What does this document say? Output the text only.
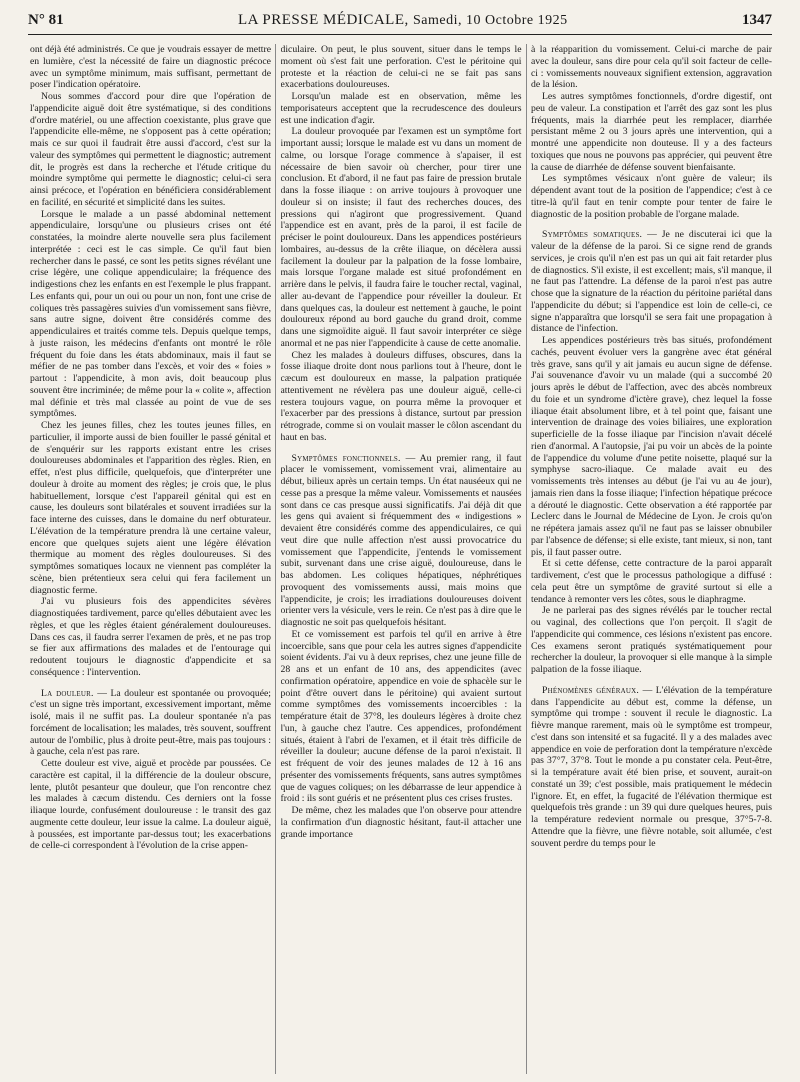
N° 81	LA PRESSE MÉDICALE, Samedi, 10 Octobre 1925	1347

ont déjà été administrés. Ce que je voudrais essayer de mettre en lumière, c'est la nécessité de faire un diagnostic précoce avec un symptôme minimum, mais suffisant, permettant de poser l'indication opératoire.

Nous sommes d'accord pour dire que l'opération de l'appendicite aiguë doit être systématique, si des conditions d'ordre matériel, ou une affection coexistante, plus grave que l'appendicite elle-même, ne s'opposent pas à cette opération; mais ce sur quoi il faudrait être aussi d'accord, c'est sur la valeur des symptômes qui permettent le diagnostic; autrement dit, le progrès est dans la recherche et l'étude critique du moindre symptôme qui permette le diagnostic; celui-ci sera ainsi précoce, et l'opération en bénéficiera considérablement en facilité, en sécurité et simplicité dans les suites.

Lorsque le malade a un passé abdominal nettement appendiculaire, lorsqu'une ou plusieurs crises ont été constatées, la moindre alerte nouvelle sera plus facilement interprétée : ceci est le cas simple. Ce qu'il faut bien rechercher dans le passé, ce sont les petits signes révélant une crise légère, une colique appendiculaire; la fréquence des indigestions chez les enfants en est l'exemple le plus frappant. Les enfants qui, pour un oui ou pour un non, font une crise de coliques très passagères suivies d'un vomissement sans fièvre, sans autre signe, doivent être considérés comme des appendiculaires et traités comme tels. Depuis quelque temps, à juste raison, les médecins d'enfants ont montré le rôle fréquent du foie dans les états abdominaux, mais il faut se méfier de ne pas tomber dans l'excès, et voir des « foies » partout : l'appendicite, à mon avis, doit beaucoup plus souvent être incriminée; de même pour la « colite », affection mal définie et très mal classée au point de vue de ses symptômes.

Chez les jeunes filles, chez les toutes jeunes filles, en particulier, il importe aussi de bien fouiller le passé génital et de s'enquérir sur les rapports existant entre les crises douloureuses abdominales et l'apparition des règles. Rien, en effet, n'est plus difficile, quelquefois, que d'interpréter une douleur à droite au moment des règles; je crois que, le plus habituellement, lorsque c'est l'appareil génital qui est en cause, les douleurs sont bilatérales et souvent irradiées sur la face interne des cuisses, dans le domaine du nerf obturateur. L'élévation de la température prendra là une certaine valeur, encore que quelques sujets aient une légère élévation thermique au moment des règles douloureuses. Si des symptômes somatiques locaux ne viennent pas compléter la scène, bien prétentieux sera celui qui fera facilement un diagnostic ferme.

J'ai vu plusieurs fois des appendicites sévères diagnostiquées tardivement, parce qu'elles débutaient avec les règles, et que les règles étaient généralement douloureuses. Dans ces cas, il faudra serrer l'examen de près, et ne pas trop se fier aux affirmations des malades et de l'entourage qui redoutent toujours le diagnostic d'appendicite et sa conséquence : l'intervention.

La douleur. — La douleur est spontanée ou provoquée; c'est un signe très important, excessivement important, même isolé, mais il ne suffit pas. La douleur spontanée n'a pas forcément de localisation; les malades, très souvent, souffrent autour de l'ombilic, plus à droite peut-être, mais pas toujours : à gauche, cela n'est pas rare.

Cette douleur est vive, aiguë et procède par poussées. Ce caractère est capital, il la différencie de la douleur obscure, lente, plutôt pesanteur que douleur, que l'on rencontre chez les malades à cæcum distendu. Ces derniers ont la fosse iliaque lourde, confusément douloureuse : le transit des gaz augmente cette douleur, leur issue la calme. La douleur aiguë, à poussées, est importante par-dessus tout; les exacerbations de celle-ci correspondent à l'évolution de la crise appen-

diculaire. On peut, le plus souvent, situer dans le temps le moment où s'est fait une perforation. C'est le péritoine qui proteste et la réaction de celui-ci ne se fait pas sans exacerbations douloureuses.

Lorsqu'un malade est en observation, même les temporisateurs acceptent que la recrudescence des douleurs est une indication d'agir.

La douleur provoquée par l'examen est un symptôme fort important aussi; lorsque le malade est vu dans un moment de calme, ou lorsque l'orage commence à s'apaiser, il est nécessaire de bien savoir où chercher, pour tirer une conclusion. Et d'abord, il ne faut pas faire de pression brutale dans la fosse iliaque : on arrive toujours à provoquer une douleur si on insiste; il faut des recherches douces, des pressions qui n'agiront que progressivement. Quand l'appendice est en avant, près de la paroi, il est facile de préciser le point douloureux. Dans les appendices postérieurs lombaires, au-dessus de la crête iliaque, on décèlera aussi facilement la douleur par la palpation de la fosse lombaire, mais lorsque l'organe malade est situé profondément en arrière dans le pelvis, il faudra faire le toucher rectal, vaginal, aller au-devant de l'appendice pour réveiller la douleur. Et dans quelques cas, la douleur est nettement à gauche, le point douloureux répond au bord gauche du grand droit, comme dans une sigmoïdite aiguë. Il faut savoir interpréter ce siège anormal et ne pas nier l'appendicite à cause de cette anomalie.

Chez les malades à douleurs diffuses, obscures, dans la fosse iliaque droite dont nous parlions tout à l'heure, dont le cæcum est douloureux en masse, la palpation pratiquée attentivement ne révèlera pas une douleur aiguë, celle-ci restera toujours vague, on pourra même la provoquer et l'exacerber par des pressions à distance, surtout par pression rétrograde, comme si on voulait masser le côlon ascendant du haut en bas.

Symptômes fonctionnels. — Au premier rang, il faut placer le vomissement, vomissement vrai, alimentaire au début, bilieux après un certain temps. Un état nauséeux qui ne cesse pas a presque la même valeur. Vomissements et nausées sont dans ce cas presque aussi significatifs. J'ai déjà dit que les gens qui avaient si fréquemment des « indigestions » devaient être considérés comme des appendiculaires, ce qui veut dire que nulle affection n'est aussi provocatrice du vomissement que l'appendicite, j'entends le vomissement subit, survenant dans une crise aiguë, douloureuse, dans le bas abdomen. Les coliques hépatiques, néphrétiques provoquent des vomissements aussi, mais moins que l'appendicite, je crois; les irradiations douloureuses doivent orienter vers la vésicule, vers le rein. Ce n'est pas à dire que le diagnostic ne soit pas quelquefois hésitant.

Et ce vomissement est parfois tel qu'il en arrive à être incoercible, sans que pour cela les autres signes d'appendicite soient évidents. J'ai vu à deux reprises, chez une jeune fille de 28 ans et un enfant de 10 ans, des appendicites (avec confirmation opératoire, appendice en voie de sphacèle sur le point d'être ouvert dans le péritoine) qui avaient surtout comme symptômes des vomissements incoercibles : la température était de 37°8, les douleurs légères à droite chez l'un, à gauche chez l'autre. Ces appendices, profondément situés, étaient à l'abri de l'examen, et il était très difficile de réveiller la douleur; aucune défense de la paroi n'existait. Il est fréquent de voir des jeunes malades de 12 à 16 ans présenter des vomissements fréquents, sans autres symptômes que de vagues coliques; on les débarrasse de leur appendice à froid : ils sont guéris et ne présentent plus ces crises frustes.

De même, chez les malades que l'on observe pour attendre la confirmation d'un diagnostic hésitant, faut-il attacher une grande importance

à la réapparition du vomissement. Celui-ci marche de pair avec la douleur, sans dire pour cela qu'il soit facteur de celle-ci : vomissements nouveaux signifient extension, aggravation de la lésion.

Les autres symptômes fonctionnels, d'ordre digestif, ont peu de valeur. La constipation et l'arrêt des gaz sont les plus fréquents, mais la diarrhée peut les remplacer, diarrhée persistant même 2 ou 3 jours après une intervention, qui a montré une appendicite non douteuse. Il y a des facteurs toxiques que nous ne pouvons pas apprécier, qui peuvent être la cause de diarrhée de défense souvent bienfaisante.

Les symptômes vésicaux n'ont guère de valeur; ils dépendent avant tout de la position de l'appendice; c'est à ce titre-là qu'il faut en tenir compte pour tenter de faire le diagnostic de la position probable de l'organe malade.

Symptômes somatiques. — Je ne discuterai ici que la valeur de la défense de la paroi. Si ce signe rend de grands services, je crois qu'il n'en est pas un qui ait fait retarder plus de diagnostics. S'il existe, il est excellent; mais, s'il manque, il ne faut pas l'attendre. La défense de la paroi n'est pas autre chose que la signature de la réaction du péritoine pariétal dans l'appendicite du début; si l'appendice est loin de celle-ci, ce signe n'apparaîtra que lorsqu'il se sera fait une propagation à distance de l'infection.

Les appendices postérieurs très bas situés, profondément cachés, peuvent évoluer vers la gangrène avec état général très grave, sans qu'il y ait jamais eu aucun signe de défense. J'ai souvenance d'avoir vu un malade (qui a succombé 20 jours après le début de l'affection, avec des abcès nombreux du foie et un syndrome d'ictère grave), chez lequel la fosse iliaque était absolument libre, et à tel point que, faisant une intervention de drainage des voies biliaires, une exploration superficielle de la fosse iliaque par l'incision n'avait décelé rien d'anormal. A l'autopsie, j'ai pu voir un abcès de la pointe de l'appendice du volume d'une petite noisette, plaqué sur la symphyse sacro-iliaque. Ce malade avait eu des vomissements très intenses au début (je l'ai vu au 4e jour), jamais rien dans la fosse iliaque; l'infection hépatique précoce a dérouté le diagnostic. Cette observation a été rapportée par Leclerc dans le Journal de Médecine de Lyon. Je crois qu'on ne répétera jamais assez qu'il ne faut pas se laisser obnubiler par l'absence de défense; si elle existe, tant mieux, si non, tant pis, il faut passer outre.

Et si cette défense, cette contracture de la paroi apparaît tardivement, c'est que le processus pathologique a diffusé : cela peut être un symptôme de gravité surtout si elle a tendance à remonter vers les côtes, sous le diaphragme.

Je ne parlerai pas des signes révélés par le toucher rectal ou vaginal, des collections que l'on perçoit. Il s'agit de l'appendicite qui commence, ces lésions n'existent pas encore. Ces examens seront pratiqués systématiquement pour rechercher la douleur, la provoquer si elle manque à la simple palpation de la fosse iliaque.

Phénomènes généraux. — L'élévation de la température dans l'appendicite au début est, comme la défense, un symptôme qui trompe : souvent il recule le diagnostic. La fièvre manque rarement, mais où le symptôme est trompeur, c'est dans son intensité et sa fugacité. Il y a des malades avec appendice en voie de perforation dont la température n'excède pas 37°7, 37°8. Tout le monde a pu constater cela. Peut-être, si la température avait été bien prise, et souvent, aurait-on constaté un 39; c'est possible, mais pratiquement le médecin l'ignore. Et, en effet, la fugacité de l'élévation thermique est quelquefois très grande : un 39 qui dure quelques heures, puis la température redevient normale ou presque, 37°5-7-8. Attendre que la fièvre, une fièvre notable, soit allumée, c'est souvent perdre du temps pour le
